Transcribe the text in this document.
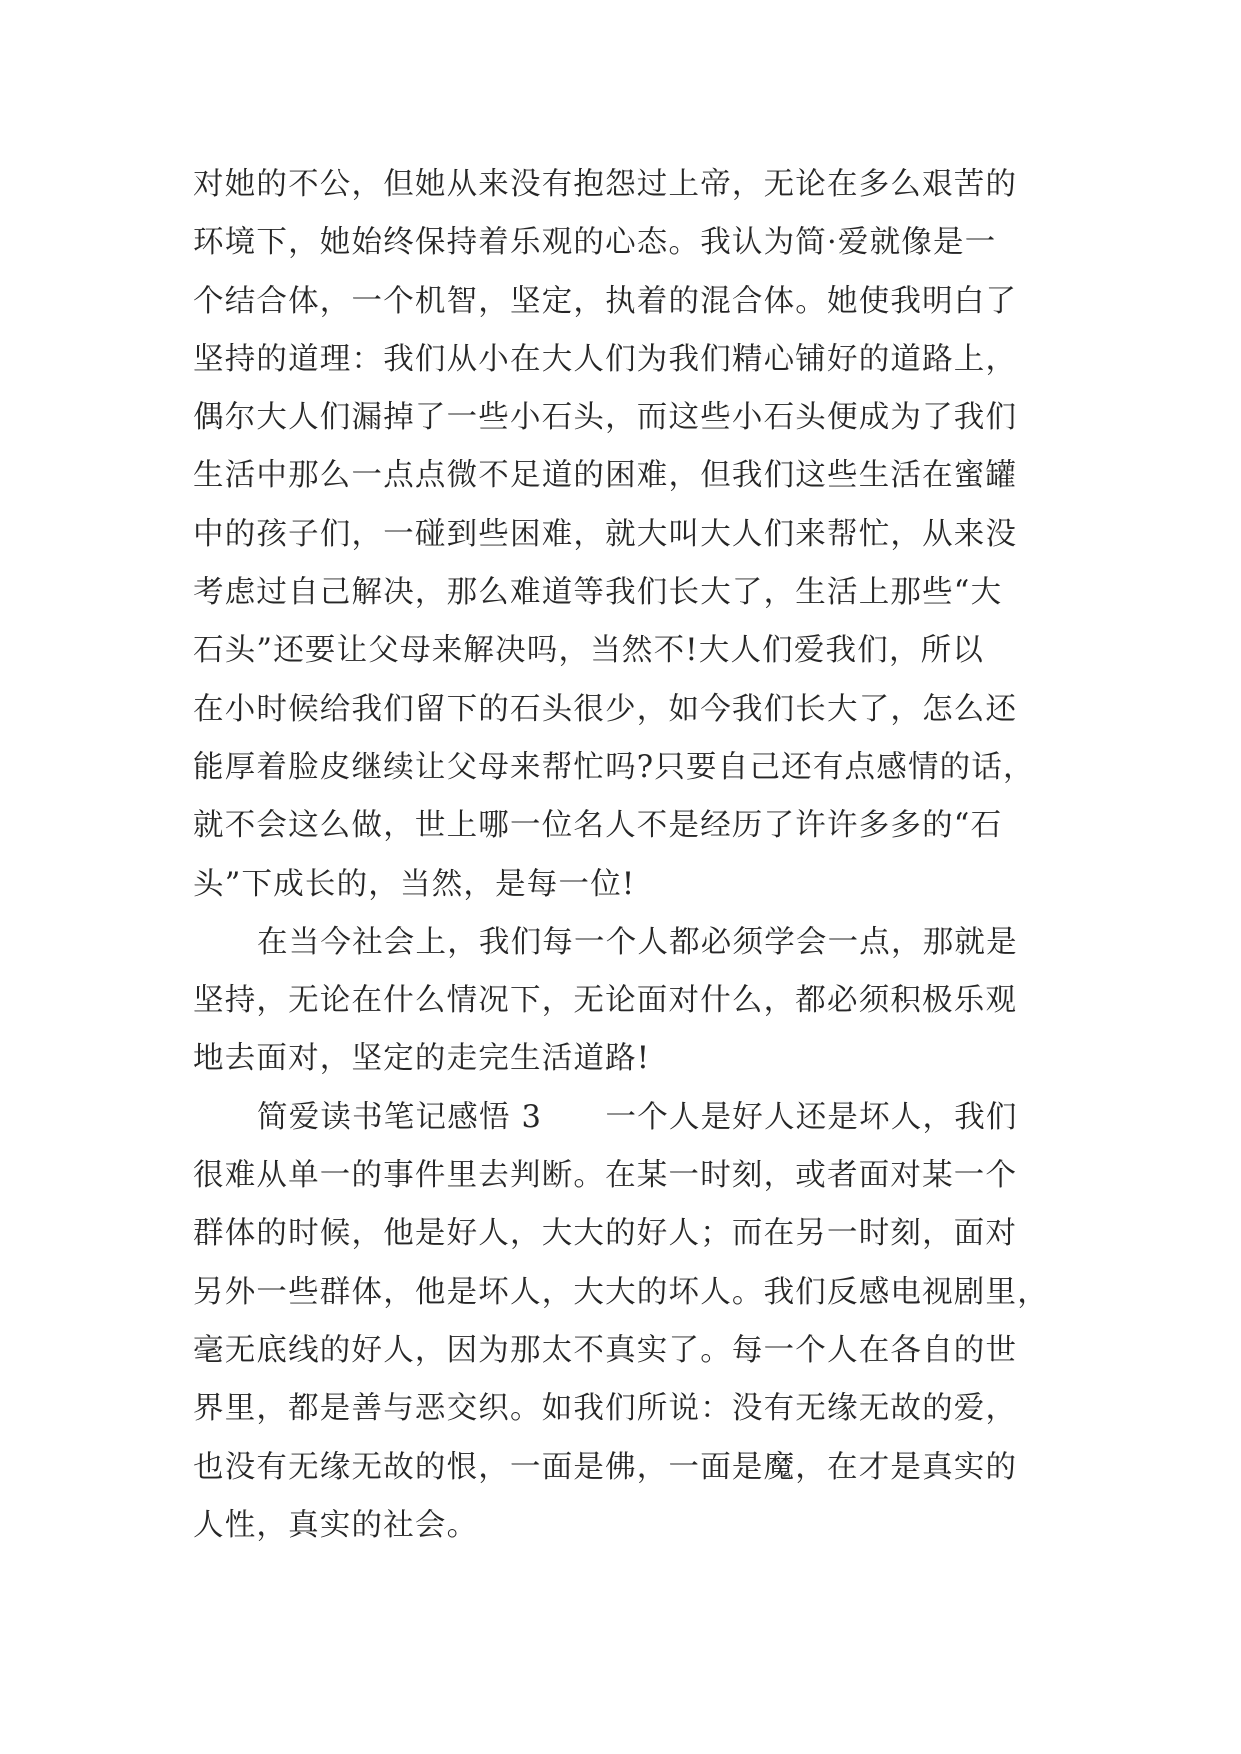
对她的不公，但她从来没有抱怨过上帝，无论在多么艰苦的
环境下，她始终保持着乐观的心态。我认为简·爱就像是一
个结合体，一个机智，坚定，执着的混合体。她使我明白了
坚持的道理：我们从小在大人们为我们精心铺好的道路上，
偶尔大人们漏掉了一些小石头，而这些小石头便成为了我们
生活中那么一点点微不足道的困难，但我们这些生活在蜜罐
中的孩子们，一碰到些困难，就大叫大人们来帮忙，从来没
考虑过自己解决，那么难道等我们长大了，生活上那些“大
石头”还要让父母来解决吗，当然不!大人们爱我们，所以
在小时候给我们留下的石头很少，如今我们长大了，怎么还
能厚着脸皮继续让父母来帮忙吗?只要自己还有点感情的话，
就不会这么做，世上哪一位名人不是经历了许许多多的“石
头”下成长的，当然，是每一位!
在当今社会上，我们每一个人都必须学会一点，那就是
坚持，无论在什么情况下，无论面对什么，都必须积极乐观
地去面对，坚定的走完生活道路!
简爱读书笔记感悟 3　　一个人是好人还是坏人，我们
很难从单一的事件里去判断。在某一时刻，或者面对某一个
群体的时候，他是好人，大大的好人；而在另一时刻，面对
另外一些群体，他是坏人，大大的坏人。我们反感电视剧里，
毫无底线的好人，因为那太不真实了。每一个人在各自的世
界里，都是善与恶交织。如我们所说：没有无缘无故的爱，
也没有无缘无故的恨，一面是佛，一面是魔，在才是真实的
人性，真实的社会。
